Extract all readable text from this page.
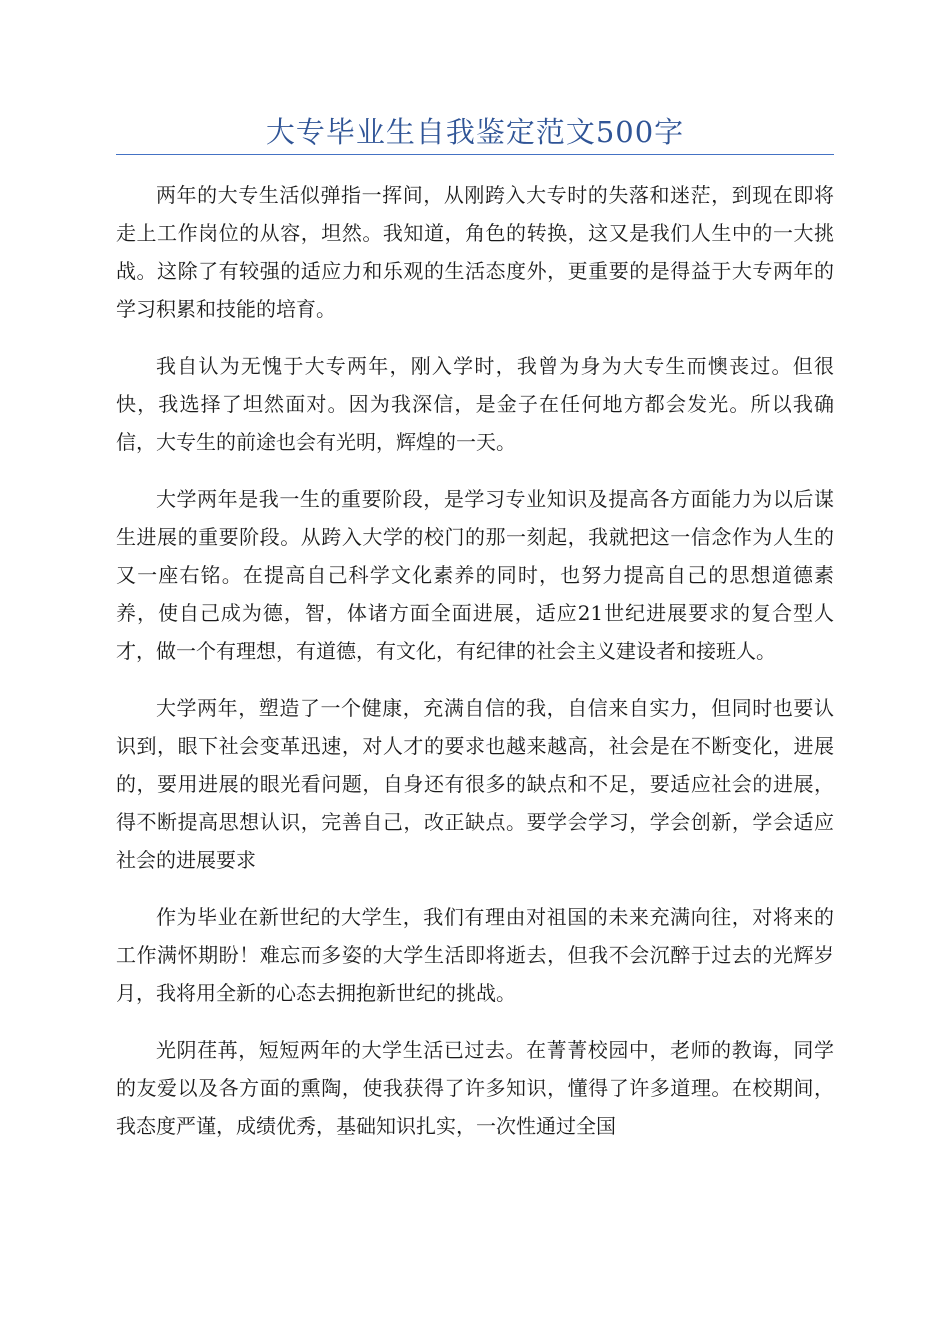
大专毕业生自我鉴定范文500字

两年的大专生活似弹指一挥间，从刚跨入大专时的失落和迷茫，到现在即将走上工作岗位的从容，坦然。我知道，角色的转换，这又是我们人生中的一大挑战。这除了有较强的适应力和乐观的生活态度外，更重要的是得益于大专两年的学习积累和技能的培育。

我自认为无愧于大专两年，刚入学时，我曾为身为大专生而懊丧过。但很快，我选择了坦然面对。因为我深信，是金子在任何地方都会发光。所以我确信，大专生的前途也会有光明，辉煌的一天。

大学两年是我一生的重要阶段，是学习专业知识及提高各方面能力为以后谋生进展的重要阶段。从跨入大学的校门的那一刻起，我就把这一信念作为人生的又一座右铭。在提高自己科学文化素养的同时，也努力提高自己的思想道德素养，使自己成为德，智，体诸方面全面进展，适应21世纪进展要求的复合型人才，做一个有理想，有道德，有文化，有纪律的社会主义建设者和接班人。

大学两年，塑造了一个健康，充满自信的我，自信来自实力，但同时也要认识到，眼下社会变革迅速，对人才的要求也越来越高，社会是在不断变化，进展的，要用进展的眼光看问题，自身还有很多的缺点和不足，要适应社会的进展，得不断提高思想认识，完善自己，改正缺点。要学会学习，学会创新，学会适应社会的进展要求

作为毕业在新世纪的大学生，我们有理由对祖国的未来充满向往，对将来的工作满怀期盼！难忘而多姿的大学生活即将逝去，但我不会沉醉于过去的光辉岁月，我将用全新的心态去拥抱新世纪的挑战。

光阴荏苒，短短两年的大学生活已过去。在菁菁校园中，老师的教诲，同学的友爱以及各方面的熏陶，使我获得了许多知识，懂得了许多道理。在校期间，我态度严谨，成绩优秀，基础知识扎实，一次性通过全国
